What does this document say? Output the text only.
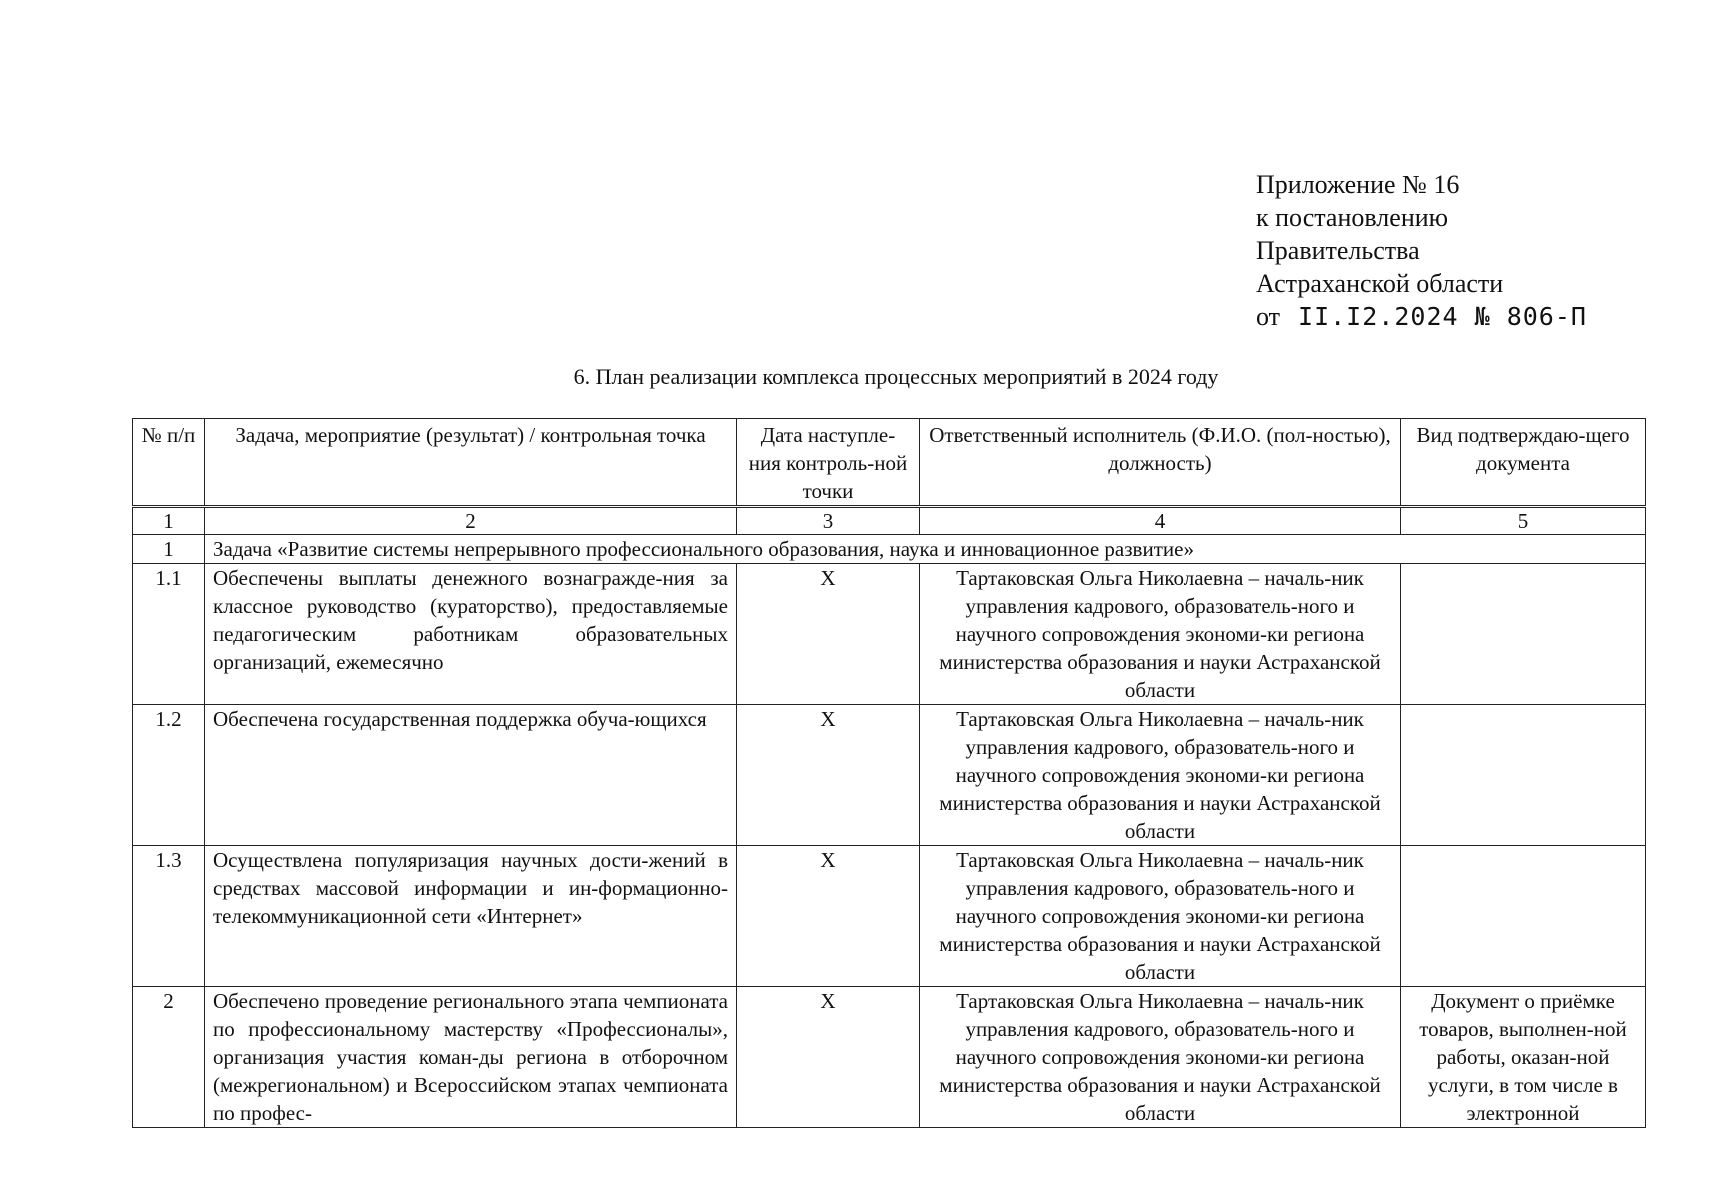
Приложение № 16
к постановлению
Правительства
Астраханской области
от II.I2.2024 № 806-П
6. План реализации комплекса процессных мероприятий в 2024 году
№ п/п	Задача, мероприятие (результат) / контрольная точка	Дата наступле-ния контроль-ной точки	Ответственный исполнитель (Ф.И.О. (пол-ностью), должность)	Вид подтверждаю-щего документа
1	2	3	4	5
1	Задача «Развитие системы непрерывного профессионального образования, наука и инновационное развитие»			
1.1	Обеспечены выплаты денежного вознагражде-ния за классное руководство (кураторство), предоставляемые педагогическим работникам образовательных организаций, ежемесячно	X	Тартаковская Ольга Николаевна – началь-ник управления кадрового, образователь-ного и научного сопровождения экономи-ки региона министерства образования и науки Астраханской области	
1.2	Обеспечена государственная поддержка обуча-ющихся	X	Тартаковская Ольга Николаевна – началь-ник управления кадрового, образователь-ного и научного сопровождения экономи-ки региона министерства образования и науки Астраханской области	
1.3	Осуществлена популяризация научных дости-жений в средствах массовой информации и ин-формационно-телекоммуникационной сети «Интернет»	X	Тартаковская Ольга Николаевна – началь-ник управления кадрового, образователь-ного и научного сопровождения экономи-ки региона министерства образования и науки Астраханской области	
2	Обеспечено проведение регионального этапа чемпионата по профессиональному мастерству «Профессионалы», организация участия коман-ды региона в отборочном (межрегиональном) и Всероссийском этапах чемпионата по профес-	X	Тартаковская Ольга Николаевна – началь-ник управления кадрового, образователь-ного и научного сопровождения экономи-ки региона министерства образования и науки Астраханской области	Документ о приёмке товаров, выполнен-ной работы, оказан-ной услуги, в том числе в электронной
